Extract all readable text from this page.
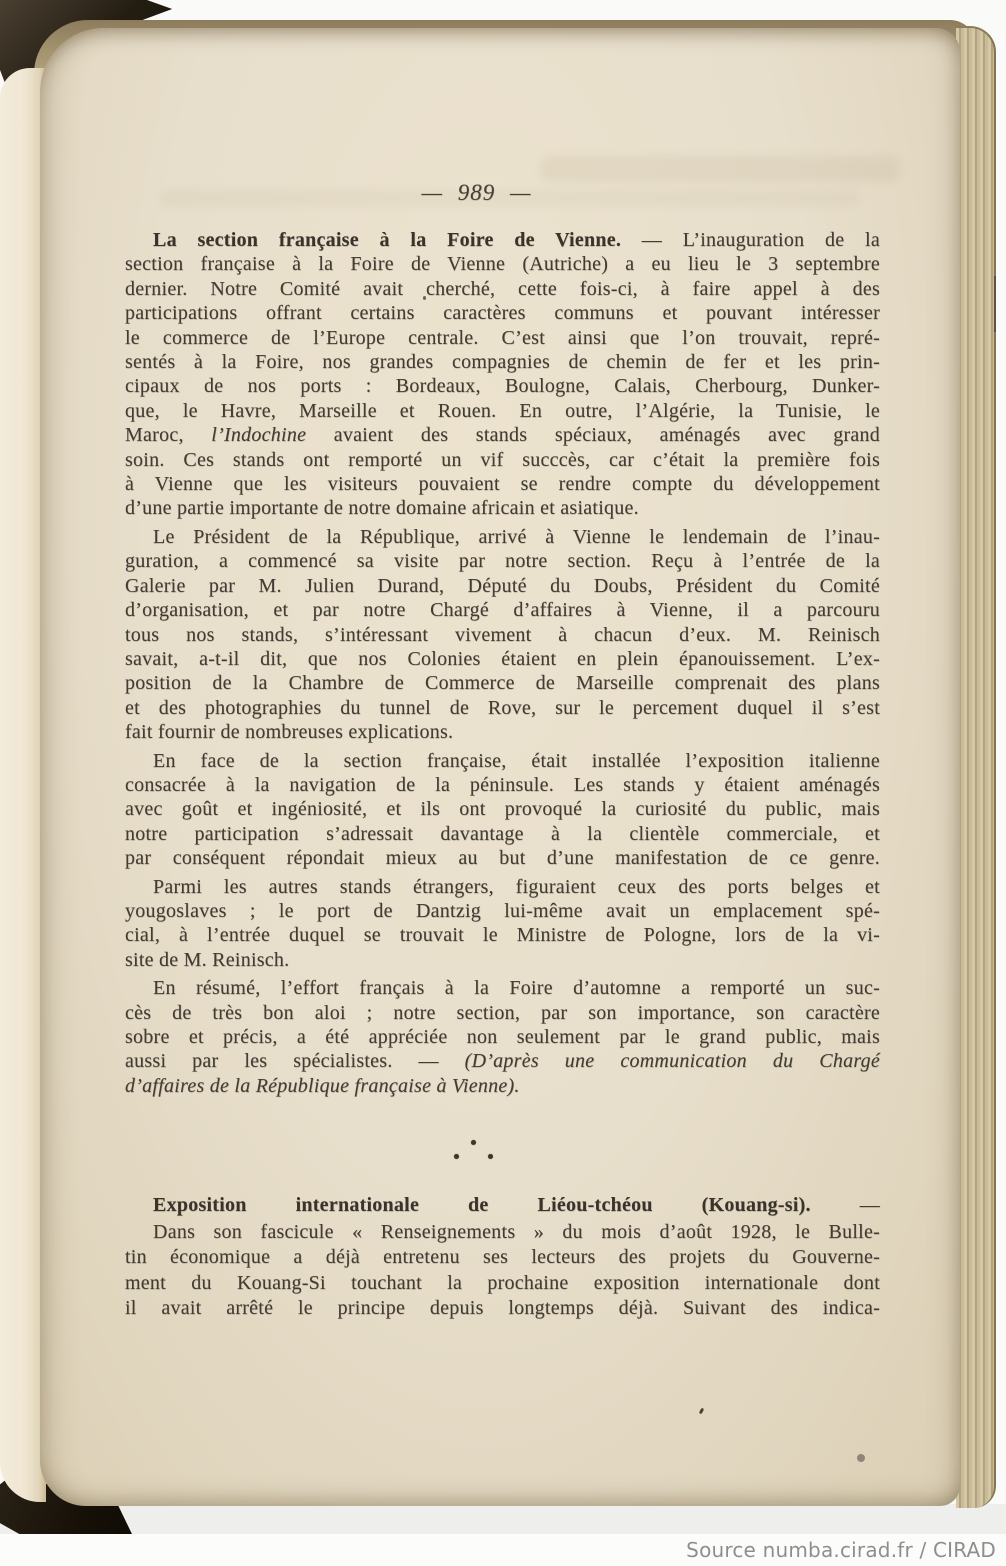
— 989 —
La section française à la Foire de Vienne. — L’inauguration de la
section française à la Foire de Vienne (Autriche) a eu lieu le 3 septembre
dernier. Notre Comité avait cherché, cette fois-ci, à faire appel à des
participations offrant certains caractères communs et pouvant intéresser
le commerce de l’Europe centrale. C’est ainsi que l’on trouvait, repré-
sentés à la Foire, nos grandes compagnies de chemin de fer et les prin-
cipaux de nos ports : Bordeaux, Boulogne, Calais, Cherbourg, Dunker-
que, le Havre, Marseille et Rouen. En outre, l’Algérie, la Tunisie, le
Maroc, l’Indochine avaient des stands spéciaux, aménagés avec grand
soin. Ces stands ont remporté un vif succcès, car c’était la première fois
à Vienne que les visiteurs pouvaient se rendre compte du développement
d’une partie importante de notre domaine africain et asiatique.
Le Président de la République, arrivé à Vienne le lendemain de l’inau-
guration, a commencé sa visite par notre section. Reçu à l’entrée de la
Galerie par M. Julien Durand, Député du Doubs, Président du Comité
d’organisation, et par notre Chargé d’affaires à Vienne, il a parcouru
tous nos stands, s’intéressant vivement à chacun d’eux. M. Reinisch
savait, a-t-il dit, que nos Colonies étaient en plein épanouissement. L’ex-
position de la Chambre de Commerce de Marseille comprenait des plans
et des photographies du tunnel de Rove, sur le percement duquel il s’est
fait fournir de nombreuses explications.
En face de la section française, était installée l’exposition italienne
consacrée à la navigation de la péninsule. Les stands y étaient aménagés
avec goût et ingéniosité, et ils ont provoqué la curiosité du public, mais
notre participation s’adressait davantage à la clientèle commerciale, et
par conséquent répondait mieux au but d’une manifestation de ce genre.
Parmi les autres stands étrangers, figuraient ceux des ports belges et
yougoslaves ; le port de Dantzig lui-même avait un emplacement spé-
cial, à l’entrée duquel se trouvait le Ministre de Pologne, lors de la vi-
site de M. Reinisch.
En résumé, l’effort français à la Foire d’automne a remporté un suc-
cès de très bon aloi ; notre section, par son importance, son caractère
sobre et précis, a été appréciée non seulement par le grand public, mais
aussi par les spécialistes. — (D’après une communication du Chargé
d’affaires de la République française à Vienne).
Exposition internationale de Liéou-tchéou (Kouang-si). —
Dans son fascicule « Renseignements » du mois d’août 1928, le Bulle-
tin économique a déjà entretenu ses lecteurs des projets du Gouverne-
ment du Kouang-Si touchant la prochaine exposition internationale dont
il avait arrêté le principe depuis longtemps déjà. Suivant des indica-
Source numba.cirad.fr / CIRAD
